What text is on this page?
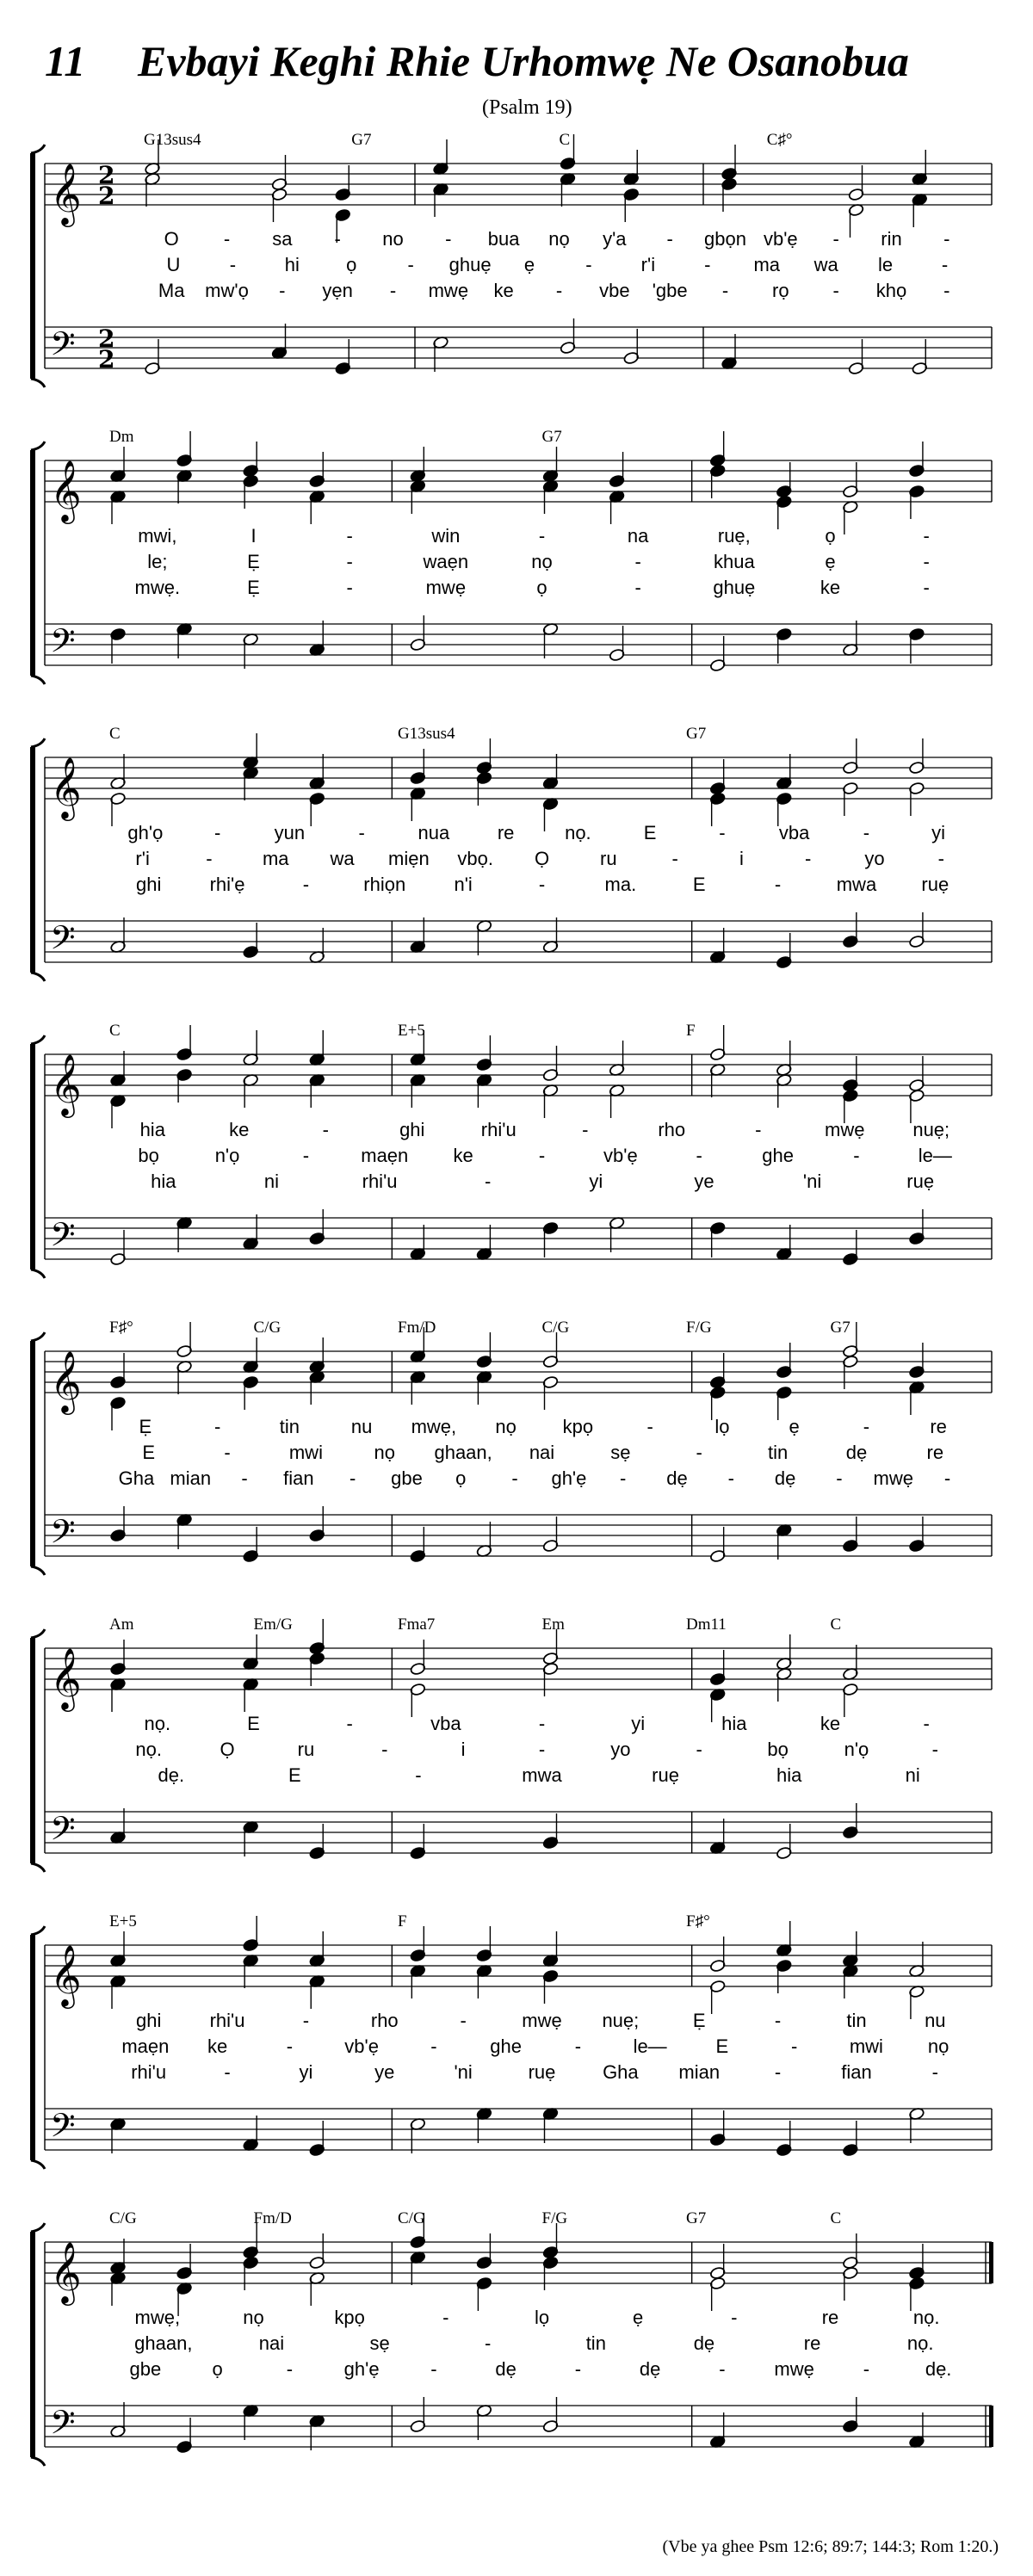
11 Evbayi Keghi Rhie Urhomwẹ Ne Osanobua
(Psalm 19)
𝄞
𝄢
2
2
2
2
G13sus4	G7	C	C♯°
O - sa - no - bua nọ y'a - gbọn vb'ẹ - rin -
U	-	hi ọ	- ghuẹ ẹ	-	r'i	- ma wa le	-
Ma mw'ọ - yẹn - mwẹ ke - vbe 'gbe - rọ - khọ -
𝄞
𝄢
Dm	G7
mwi,	I	-	win	-	na	ruẹ,	ọ	-
le;	Ẹ	-	waẹn	nọ	-	khua	ẹ	-
mwẹ.	Ẹ	-	mwẹ	ọ	-	ghuẹ	ke	-
𝄞
𝄢
C	G13sus4	G7
gh'ọ	-	yun	-	nua	re	nọ.	E	-	vba	-	yi
r'i	-	ma wa miẹn vbọ. Ọ	ru	-	i	-	yo	-
ghi	rhi'ẹ	-	rhiọn	n'i	-	ma.	E	-	mwa ruẹ
𝄞
𝄢
C	E+5	F
hia	ke	-	ghi	rhi'u	-	rho	-	mwẹ	nuẹ;
bọ	n'ọ	-	maẹn ke	-	vb'ẹ	-	ghe	-	le—
hia	ni	rhi'u	-	yi	ye	'ni	ruẹ
𝄞
𝄢
F♯°	C/G	Fm/D	C/G	F/G	G7
Ẹ	-	tin	nu mwẹ, nọ kpọ	-	lọ	ẹ	-	re
E	-	mwi	nọ ghaan, nai	sẹ	-	tin	dẹ	re
Gha mian - fian - gbe ọ - gh'ẹ - dẹ - dẹ - mwẹ -
𝄞
𝄢
Am	Em/G	Fma7	Em	Dm11	C
nọ.	E	-	vba	-	yi	hia	ke	-
nọ.	Ọ	ru	-	i	-	yo	-	bọ	n'ọ	-
dẹ.	E	-	mwa	ruẹ	hia	ni
𝄞
𝄢
E+5	F	F♯°
ghi	rhi'u	-	rho	-	mwẹ nuẹ;	Ẹ	-	tin	nu
maẹn ke	-	vb'ẹ	-	ghe	-	le—	E	-	mwi nọ
rhi'u	-	yi	ye	'ni	ruẹ Gha mian	-	fian	-
𝄞
𝄢
C/G	Fm/D	C/G	F/G	G7	C
mwẹ,	nọ	kpọ	-	lọ	ẹ	-	re	nọ.
ghaan,	nai	sẹ	-	tin	dẹ	re	nọ.
gbe	ọ	-	gh'ẹ	-	dẹ	-	dẹ	-	mwẹ	-	dẹ.
(Vbe ya ghee Psm 12:6; 89:7; 144:3; Rom 1:20.)
